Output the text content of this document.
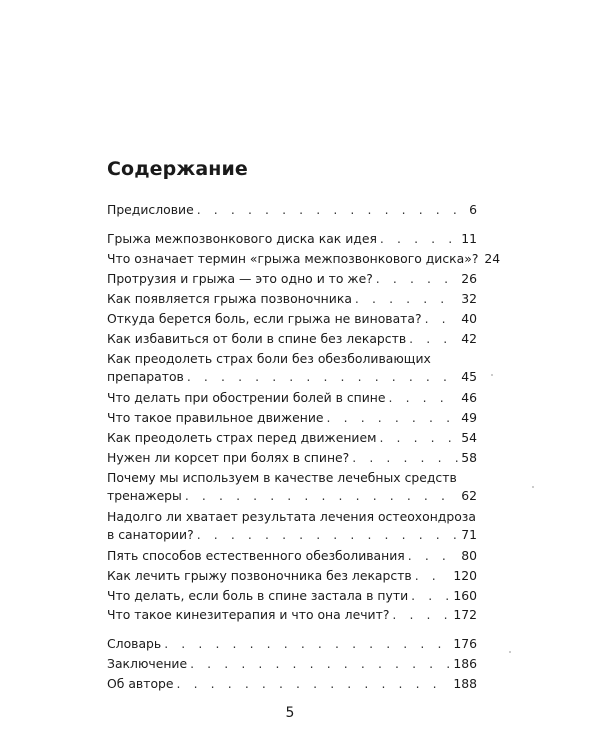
Содержание
Предисловие . . .	6
Грыжа межпозвонкового диска как идея . . .	11
Что означает термин «грыжа межпозвонкового диска»? 24
Протрузия и грыжа — это одно и то же? . . .	26
Как появляется грыжа позвоночника . . .	32
Откуда берется боль, если грыжа не виновата? . . .	40
Как избавиться от боли в спине без лекарств . . .	42
Как преодолеть страх боли без обезболивающих
препаратов . . .	45
Что делать при обострении болей в спине . . .	46
Что такое правильное движение . . .	49
Как преодолеть страх перед движением . . .	54
Нужен ли корсет при болях в спине? . . .	58
Почему мы используем в качестве лечебных средств
тренажеры . . .	62
Надолго ли хватает результата лечения остеохондроза
в санатории? . . .	71
Пять способов естественного обезболивания . . .	80
Как лечить грыжу позвоночника без лекарств . . .	120
Что делать, если боль в спине застала в пути . . .	160
Что такое кинезитерапия и что она лечит? . . .	172
Словарь . . .	176
Заключение . . .	186
Об авторе . . .	188
5
